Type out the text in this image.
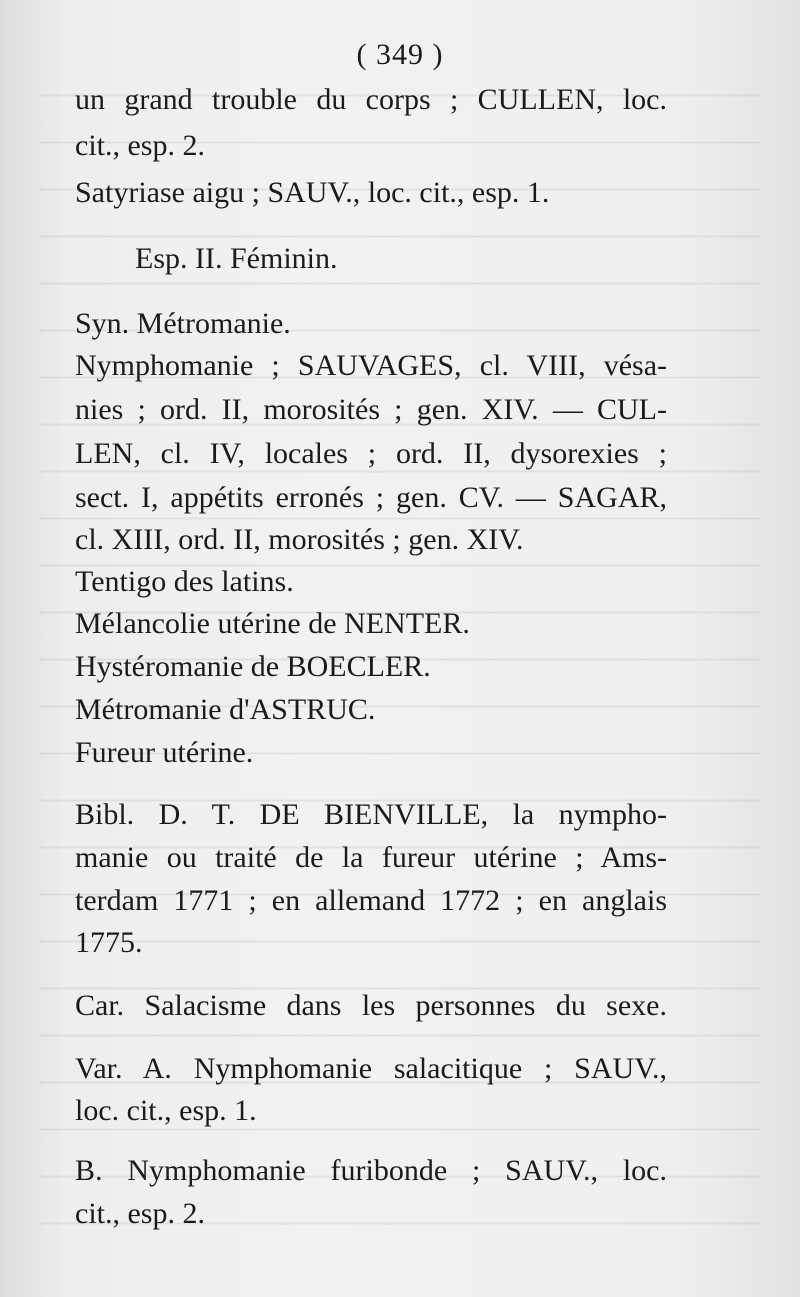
( 349 )
un grand trouble du corps ; CULLEN, loc.
cit., esp. 2.
Satyriase aigu ; SAUV., loc. cit., esp. 1.
Esp. II. Féminin.
Syn. Métromanie.
Nymphomanie ; SAUVAGES, cl. VIII, vésa-
nies ; ord. II, morosités ; gen. XIV. — CUL-
LEN, cl. IV, locales ; ord. II, dysorexies ;
sect. I, appétits erronés ; gen. CV. — SAGAR,
cl. XIII, ord. II, morosités ; gen. XIV.
Tentigo des latins.
Mélancolie utérine de NENTER.
Hystéromanie de BOECLER.
Métromanie d'ASTRUC.
Fureur utérine.
Bibl. D. T. DE BIENVILLE, la nympho-
manie ou traité de la fureur utérine ; Ams-
terdam 1771 ; en allemand 1772 ; en anglais
1775.
Car. Salacisme dans les personnes du sexe.
Var. A. Nymphomanie salacitique ; SAUV.,
loc. cit., esp. 1.
B. Nymphomanie furibonde ; SAUV., loc.
cit., esp. 2.
